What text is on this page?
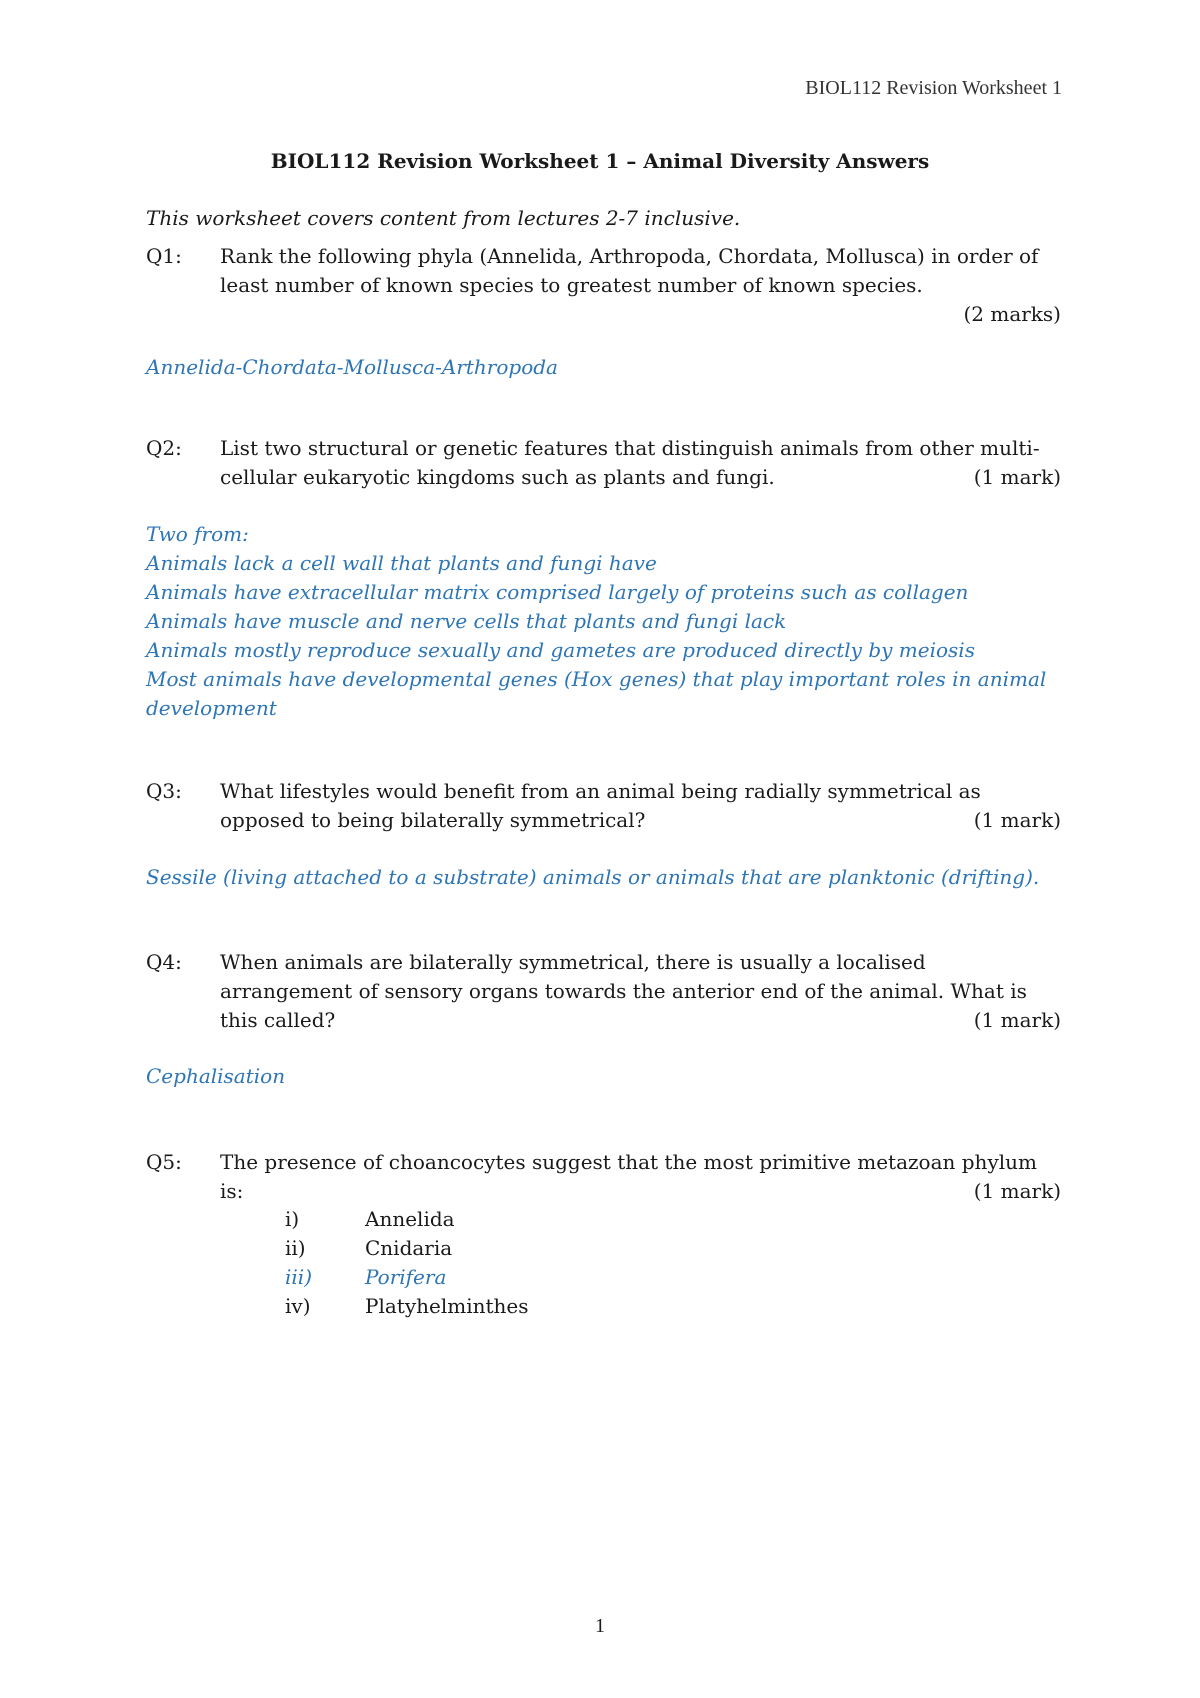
BIOL112 Revision Worksheet 1
BIOL112 Revision Worksheet 1 – Animal Diversity Answers
This worksheet covers content from lectures 2-7 inclusive.
Q1: Rank the following phyla (Annelida, Arthropoda, Chordata, Mollusca) in order of
least number of known species to greatest number of known species.
(2 marks)
Annelida-Chordata-Mollusca-Arthropoda
Q2: List two structural or genetic features that distinguish animals from other multi-
cellular eukaryotic kingdoms such as plants and fungi.	(1 mark)
Two from:
Animals lack a cell wall that plants and fungi have
Animals have extracellular matrix comprised largely of proteins such as collagen
Animals have muscle and nerve cells that plants and fungi lack
Animals mostly reproduce sexually and gametes are produced directly by meiosis
Most animals have developmental genes (Hox genes) that play important roles in animal
development
Q3: What lifestyles would benefit from an animal being radially symmetrical as
opposed to being bilaterally symmetrical?	(1 mark)
Sessile (living attached to a substrate) animals or animals that are planktonic (drifting).
Q4: When animals are bilaterally symmetrical, there is usually a localised
arrangement of sensory organs towards the anterior end of the animal. What is
this called?	(1 mark)
Cephalisation
Q5: The presence of choancocytes suggest that the most primitive metazoan phylum
is:	(1 mark)
i)	Annelida
ii)	Cnidaria
iii)	Porifera
iv)	Platyhelminthes
1
